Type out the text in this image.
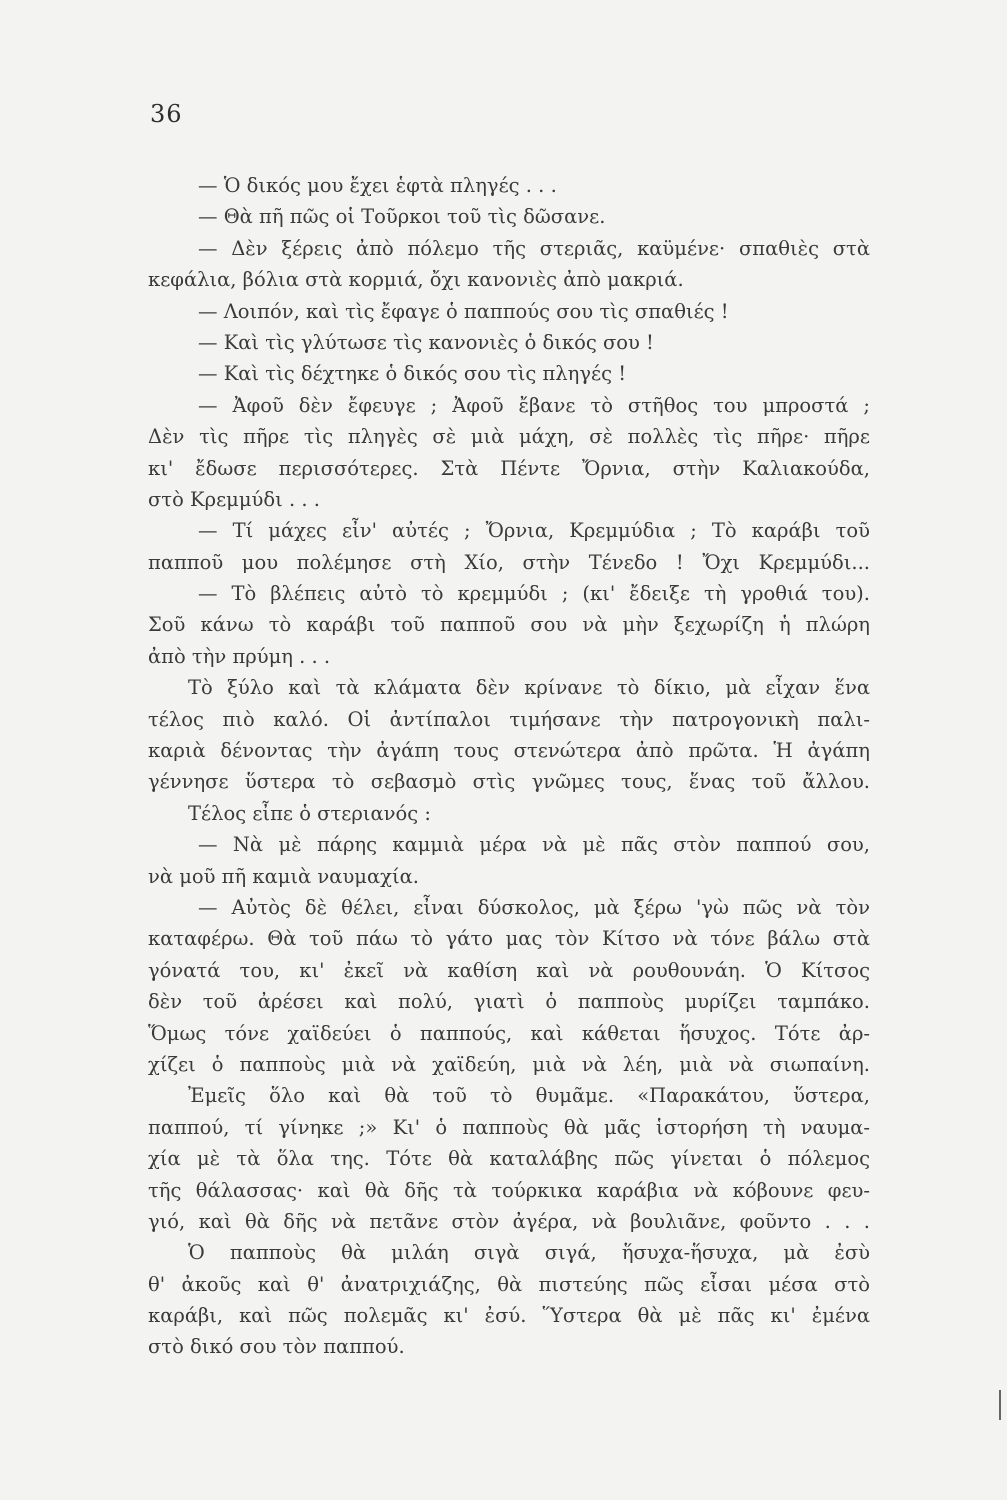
36
— Ὁ δικός μου ἔχει ἑφτὰ πληγές . . .
— Θὰ πῆ πῶς οἱ Τοῦρκοι τοῦ τὶς δῶσανε.
— Δὲν ξέρεις ἀπὸ πόλεμο τῆς στεριᾶς, καϋμένε· σπαθιὲς στὰ
κεφάλια, βόλια στὰ κορμιά, ὄχι κανονιὲς ἀπὸ μακριά.
— Λοιπόν, καὶ τὶς ἔφαγε ὁ παππούς σου τὶς σπαθιές !
— Καὶ τὶς γλύτωσε τὶς κανονιὲς ὁ δικός σου !
— Καὶ τὶς δέχτηκε ὁ δικός σου τὶς πληγές !
— Ἀφοῦ δὲν ἔφευγε ; Ἀφοῦ ἔβανε τὸ στῆθος του μπροστά ;
Δὲν τὶς πῆρε τὶς πληγὲς σὲ μιὰ μάχη, σὲ πολλὲς τὶς πῆρε· πῆρε
κι' ἔδωσε περισσότερες. Στὰ Πέντε Ὄρνια, στὴν Καλιακούδα,
στὸ Κρεμμύδι . . .
— Τί μάχες εἶν' αὐτές ; Ὄρνια, Κρεμμύδια ; Τὸ καράβι τοῦ
παπποῦ μου πολέμησε στὴ Χίο, στὴν Τένεδο ! Ὄχι Κρεμμύδι...
— Τὸ βλέπεις αὐτὸ τὸ κρεμμύδι ; (κι' ἔδειξε τὴ γροθιά του).
Σοῦ κάνω τὸ καράβι τοῦ παπποῦ σου νὰ μὴν ξεχωρίζη ἡ πλώρη
ἀπὸ τὴν πρύμη . . .
Τὸ ξύλο καὶ τὰ κλάματα δὲν κρίνανε τὸ δίκιο, μὰ εἶχαν ἕνα
τέλος πιὸ καλό. Οἱ ἀντίπαλοι τιμήσανε τὴν πατρογονικὴ παλι-
καριὰ δένοντας τὴν ἀγάπη τους στενώτερα ἀπὸ πρῶτα. Ἡ ἀγάπη
γέννησε ὕστερα τὸ σεβασμὸ στὶς γνῶμες τους, ἕνας τοῦ ἄλλου.
Τέλος εἶπε ὁ στεριανός :
— Νὰ μὲ πάρης καμμιὰ μέρα νὰ μὲ πᾶς στὸν παππού σου,
νὰ μοῦ πῆ καμιὰ ναυμαχία.
— Αὐτὸς δὲ θέλει, εἶναι δύσκολος, μὰ ξέρω 'γὼ πῶς νὰ τὸν
καταφέρω. Θὰ τοῦ πάω τὸ γάτο μας τὸν Κίτσο νὰ τόνε βάλω στὰ
γόνατά του, κι' ἐκεῖ νὰ καθίση καὶ νὰ ρουθουνάη. Ὁ Κίτσος
δὲν τοῦ ἀρέσει καὶ πολύ, γιατὶ ὁ παπποὺς μυρίζει ταμπάκο.
Ὅμως τόνε χαϊδεύει ὁ παππούς, καὶ κάθεται ἥσυχος. Τότε ἀρ-
χίζει ὁ παπποὺς μιὰ νὰ χαϊδεύη, μιὰ νὰ λέη, μιὰ νὰ σιωπαίνη.
Ἐμεῖς ὅλο καὶ θὰ τοῦ τὸ θυμᾶμε. «Παρακάτου, ὕστερα,
παππού, τί γίνηκε ;» Κι' ὁ παπποὺς θὰ μᾶς ἱστορήση τὴ ναυμα-
χία μὲ τὰ ὅλα της. Τότε θὰ καταλάβης πῶς γίνεται ὁ πόλεμος
τῆς θάλασσας· καὶ θὰ δῆς τὰ τούρκικα καράβια νὰ κόβουνε φευ-
γιό, καὶ θὰ δῆς νὰ πετᾶνε στὸν ἀγέρα, νὰ βουλιᾶνε, φοῦντο . . .
Ὁ παπποὺς θὰ μιλάη σιγὰ σιγά, ἥσυχα-ἥσυχα, μὰ ἐσὺ
θ' ἀκοῦς καὶ θ' ἀνατριχιάζης, θὰ πιστεύης πῶς εἶσαι μέσα στὸ
καράβι, καὶ πῶς πολεμᾶς κι' ἐσύ. Ὕστερα θὰ μὲ πᾶς κι' ἐμένα
στὸ δικό σου τὸν παππού.
